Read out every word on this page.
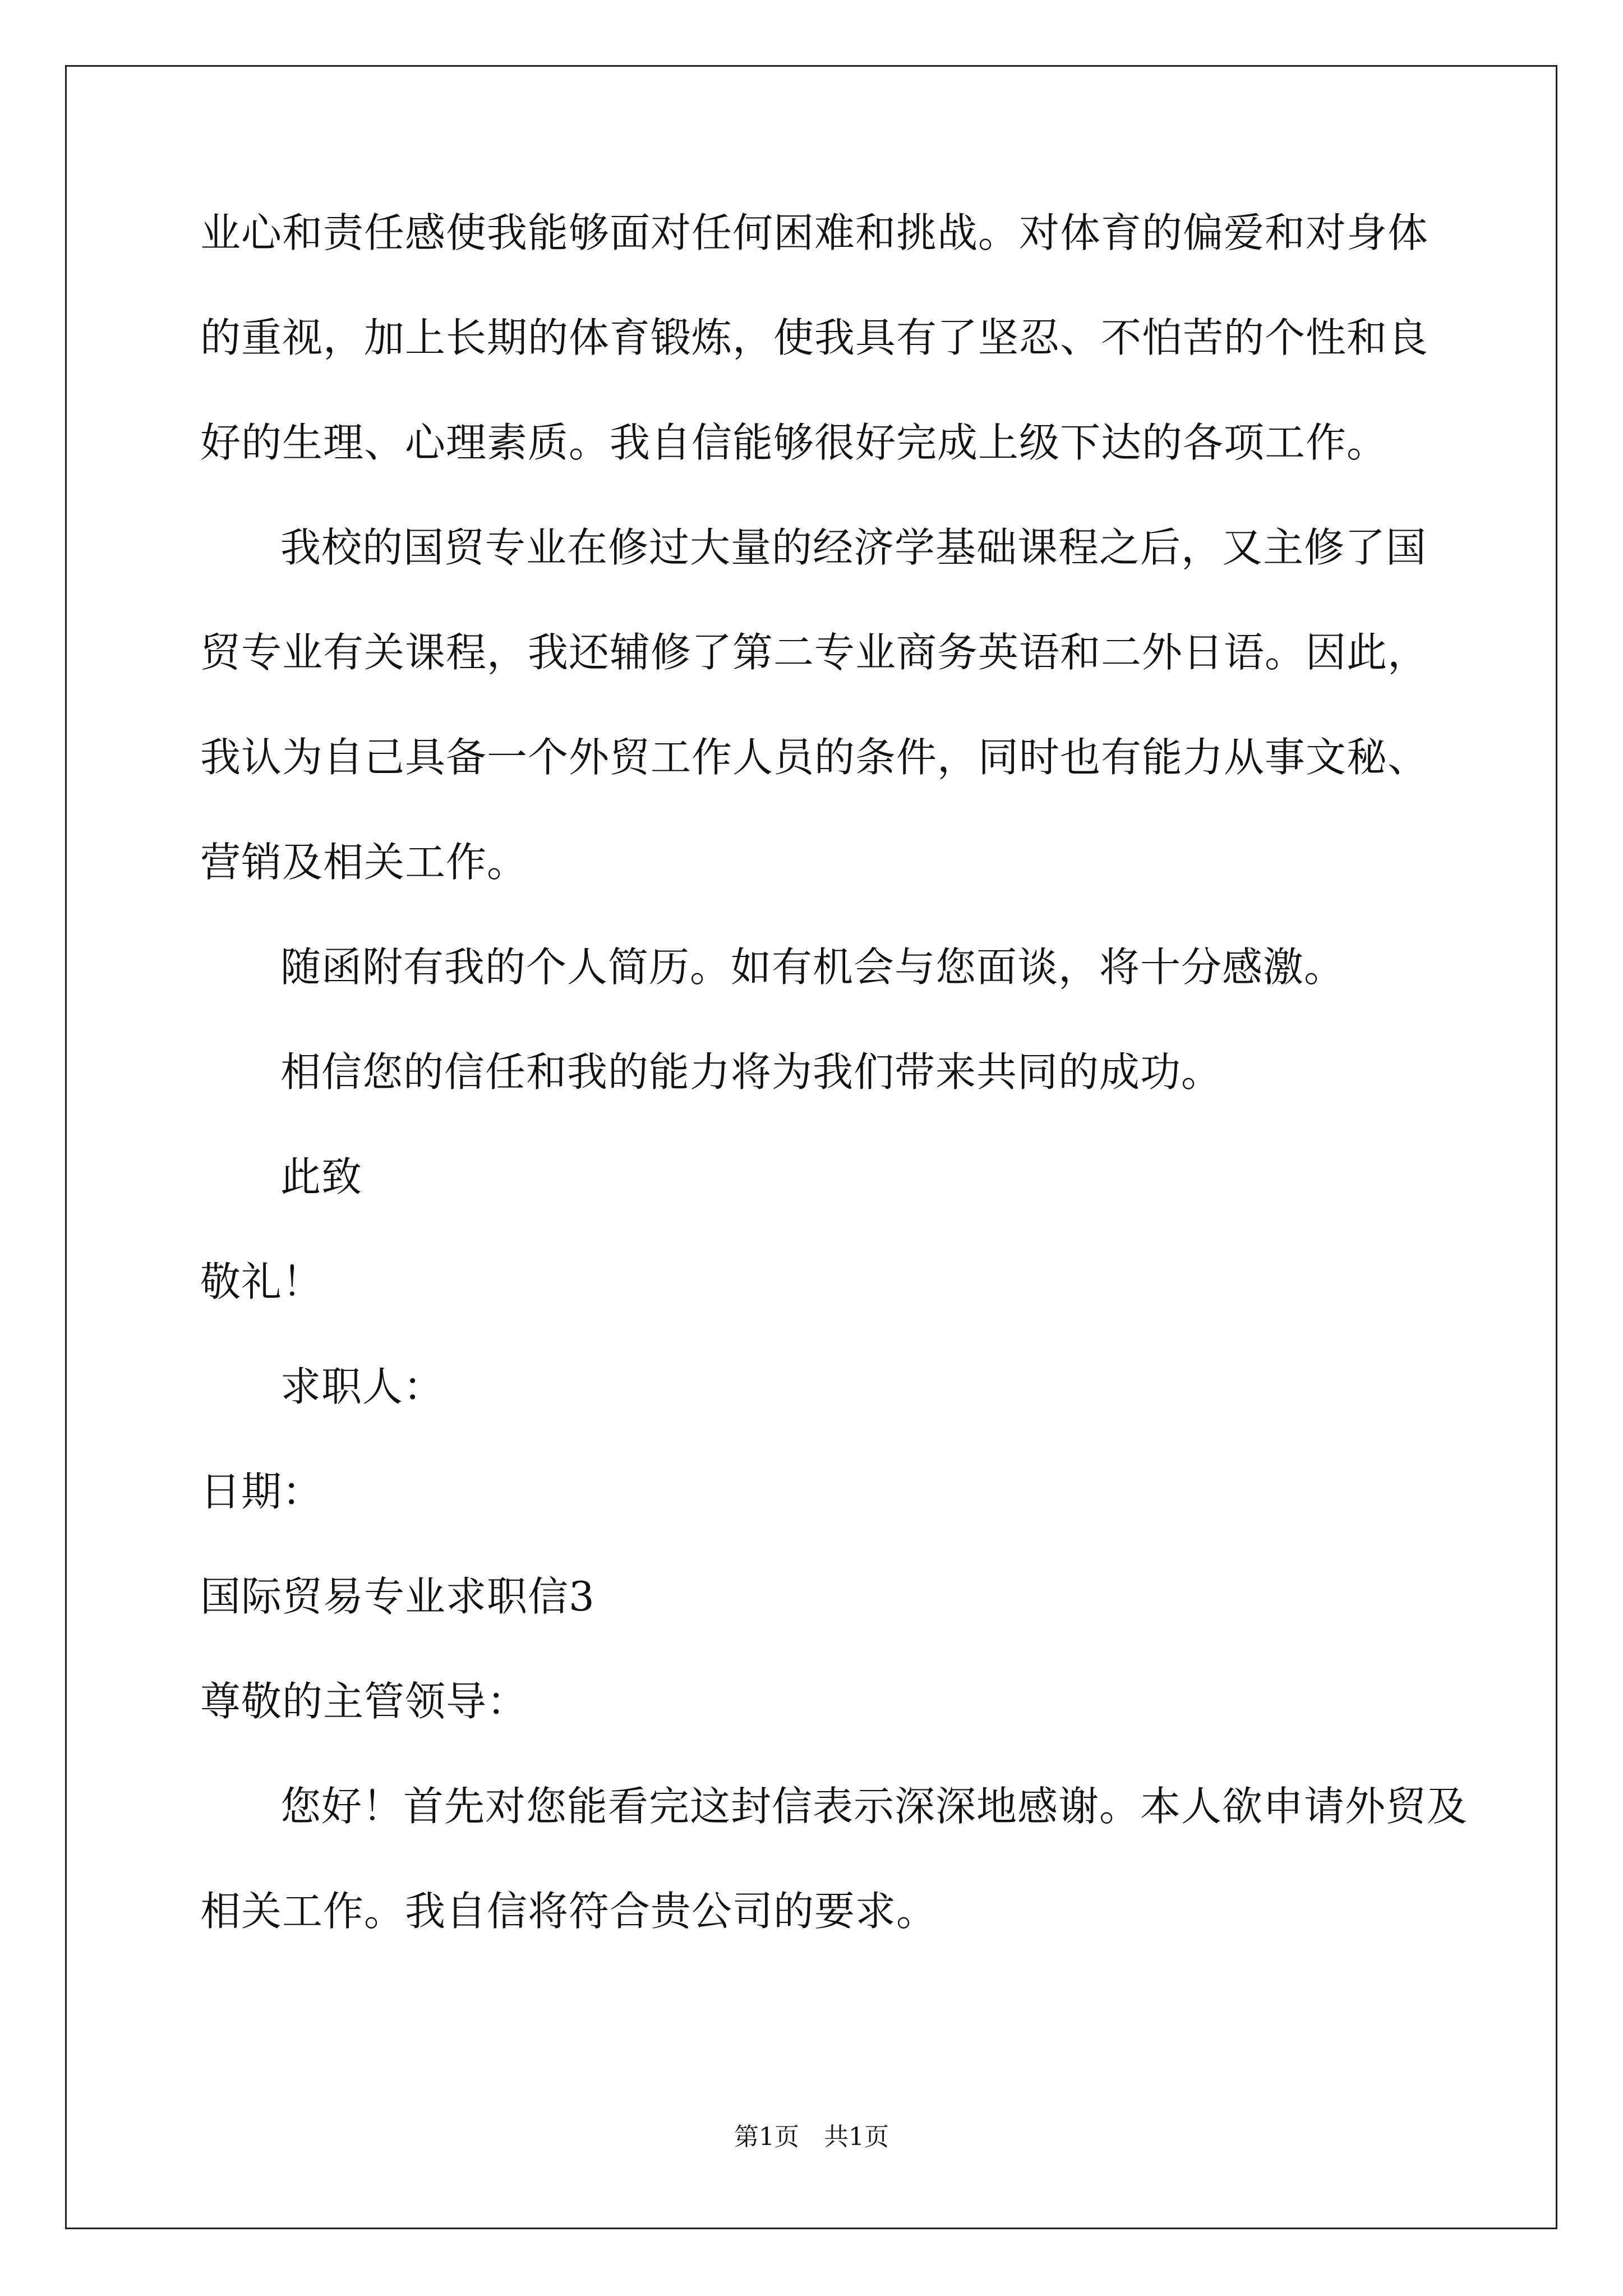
业心和责任感使我能够面对任何困难和挑战。对体育的偏爱和对身体
的重视，加上长期的体育锻炼，使我具有了坚忍、不怕苦的个性和良
好的生理、心理素质。我自信能够很好完成上级下达的各项工作。
我校的国贸专业在修过大量的经济学基础课程之后，又主修了国
贸专业有关课程，我还辅修了第二专业商务英语和二外日语。因此，
我认为自己具备一个外贸工作人员的条件，同时也有能力从事文秘、
营销及相关工作。
随函附有我的个人简历。如有机会与您面谈，将十分感激。
相信您的信任和我的能力将为我们带来共同的成功。
此致
敬礼！
求职人：
日期：
国际贸易专业求职信3
尊敬的主管领导：
您好！首先对您能看完这封信表示深深地感谢。本人欲申请外贸及
相关工作。我自信将符合贵公司的要求。
第1页　共1页
